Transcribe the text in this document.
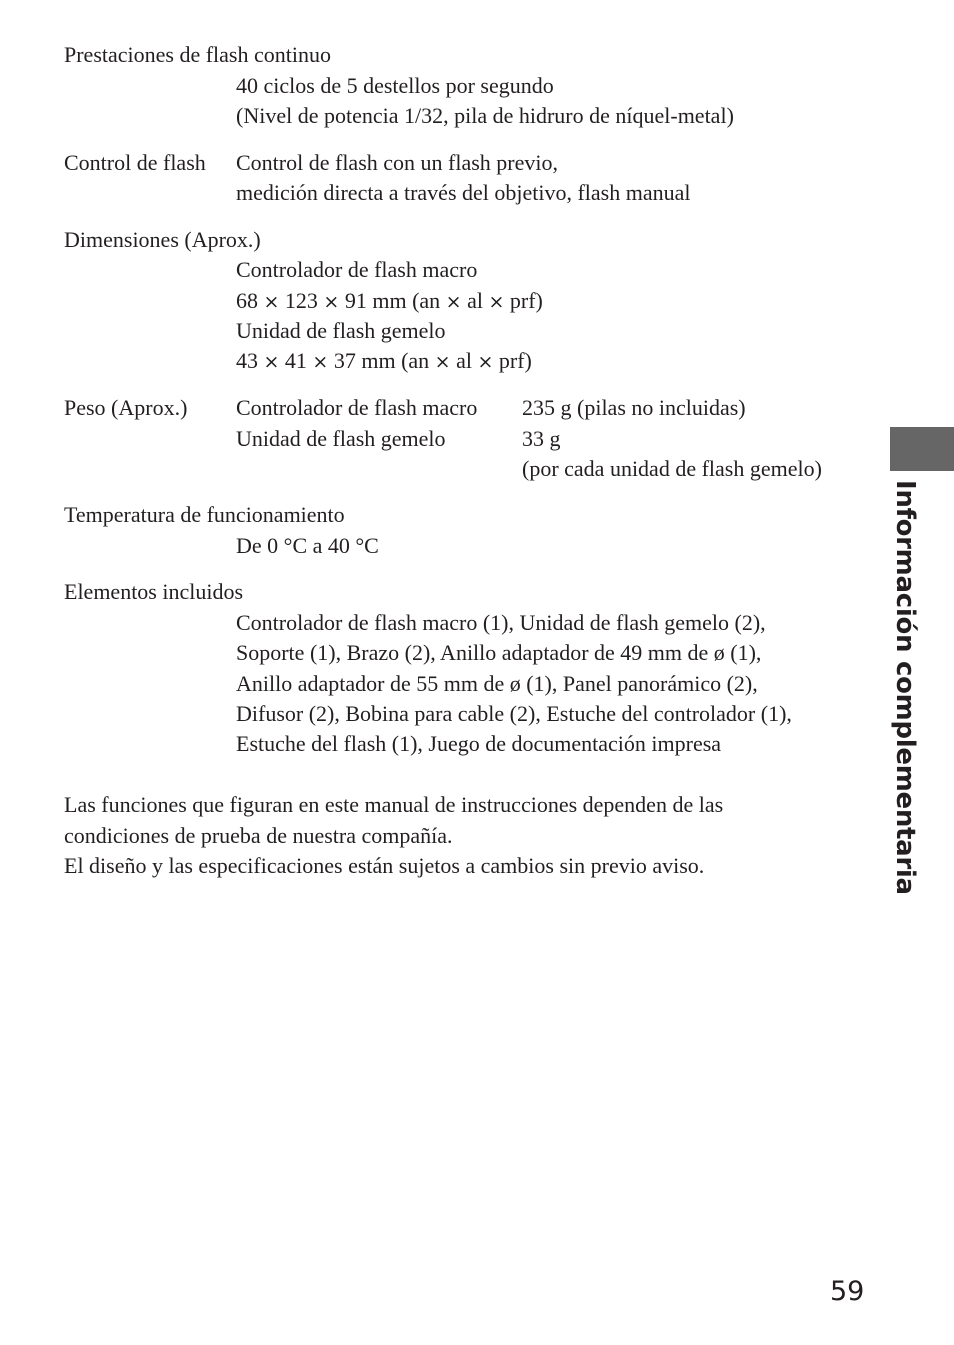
Prestaciones de flash continuo
40 ciclos de 5 destellos por segundo
(Nivel de potencia 1/32, pila de hidruro de níquel-metal)
Control de flash Control de flash con un flash previo,
medición directa a través del objetivo, flash manual
Dimensiones (Aprox.)
Controlador de flash macro
68 × 123 × 91 mm (an × al × prf)
Unidad de flash gemelo
43 × 41 × 37 mm (an × al × prf)
Peso (Aprox.) Controlador de flash macro 235 g (pilas no incluidas)
Unidad de flash gemelo	33 g
(por cada unidad de flash gemelo)
Temperatura de funcionamiento
De 0 °C a 40 °C
Elementos incluidos
Controlador de flash macro (1), Unidad de flash gemelo (2),
Soporte (1), Brazo (2), Anillo adaptador de 49 mm de ø (1),
Anillo adaptador de 55 mm de ø (1), Panel panorámico (2),
Difusor (2), Bobina para cable (2), Estuche del controlador (1),
Estuche del flash (1), Juego de documentación impresa
Las funciones que figuran en este manual de instrucciones dependen de las
condiciones de prueba de nuestra compañía.
El diseño y las especificaciones están sujetos a cambios sin previo aviso.	Información complementaria
59
